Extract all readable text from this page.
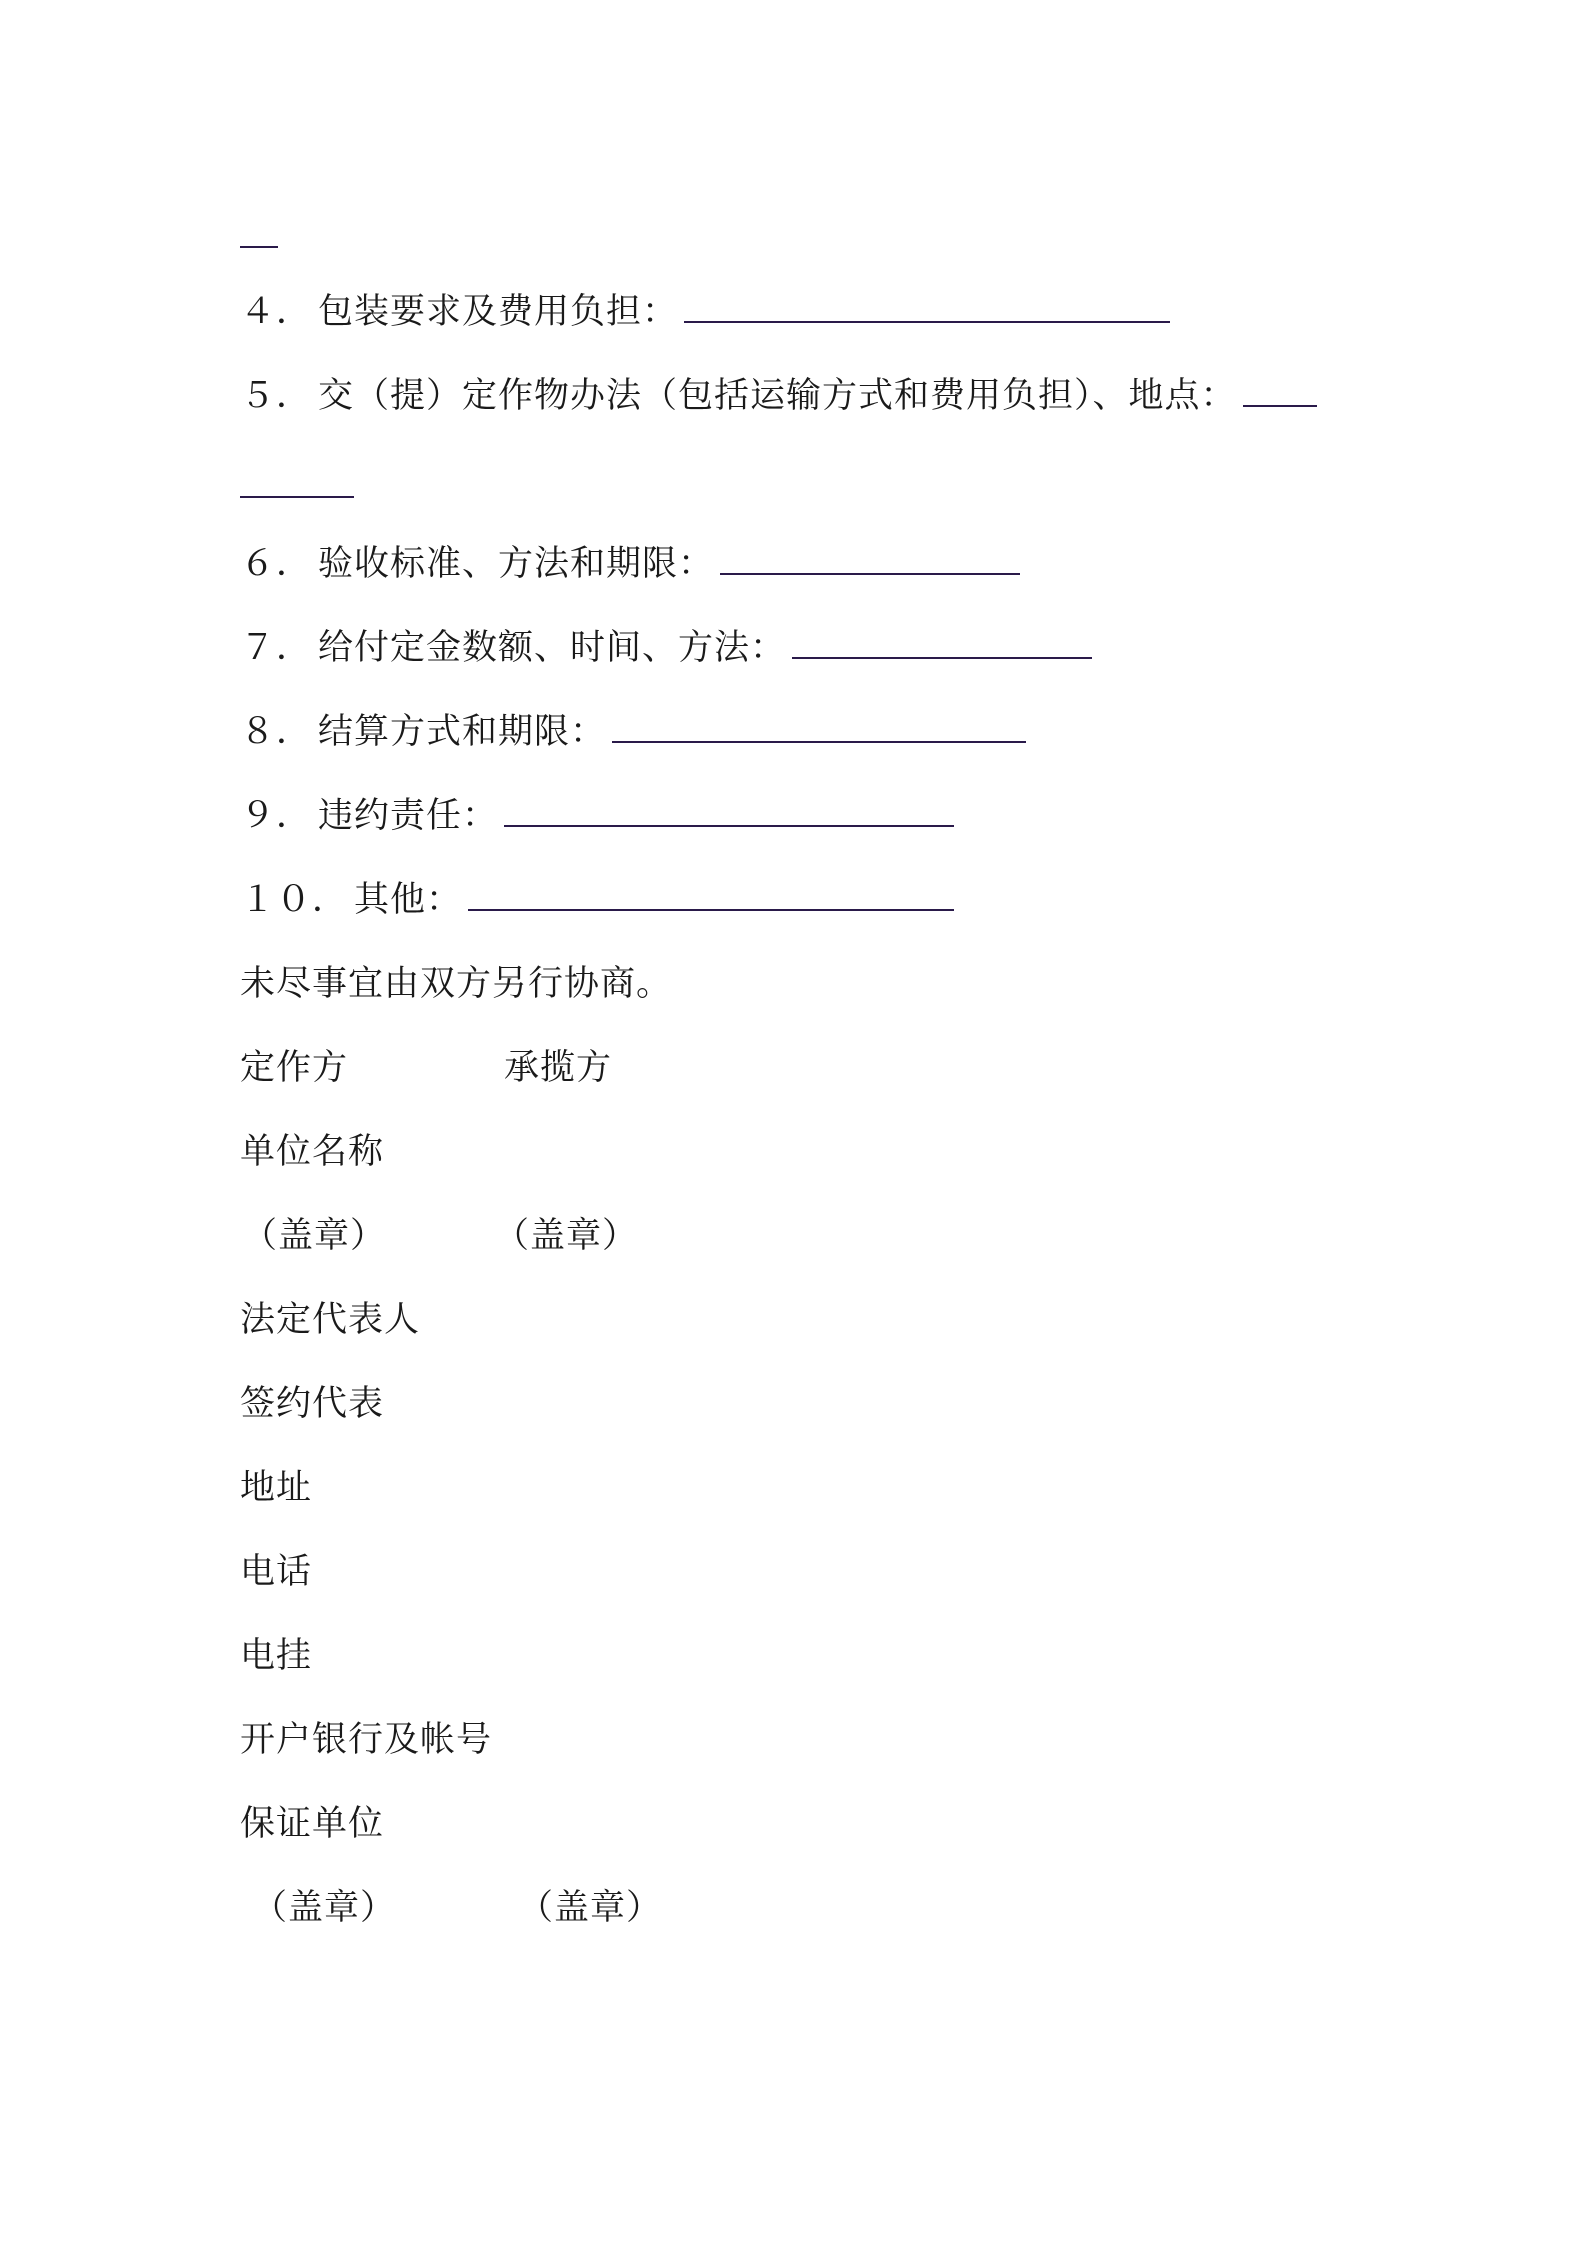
４． 包装要求及费用负担：
５． 交（提）定作物办法（包括运输方式和费用负担）、地点：
６． 验收标准、方法和期限：
７． 给付定金数额、时间、方法：
８． 结算方式和期限：
９． 违约责任：
１０． 其他：
未尽事宜由双方另行协商。
定作方	承揽方
单位名称
（盖章）	（盖章）
法定代表人
签约代表
地址
电话
电挂
开户银行及帐号
保证单位
（盖章）	（盖章）
